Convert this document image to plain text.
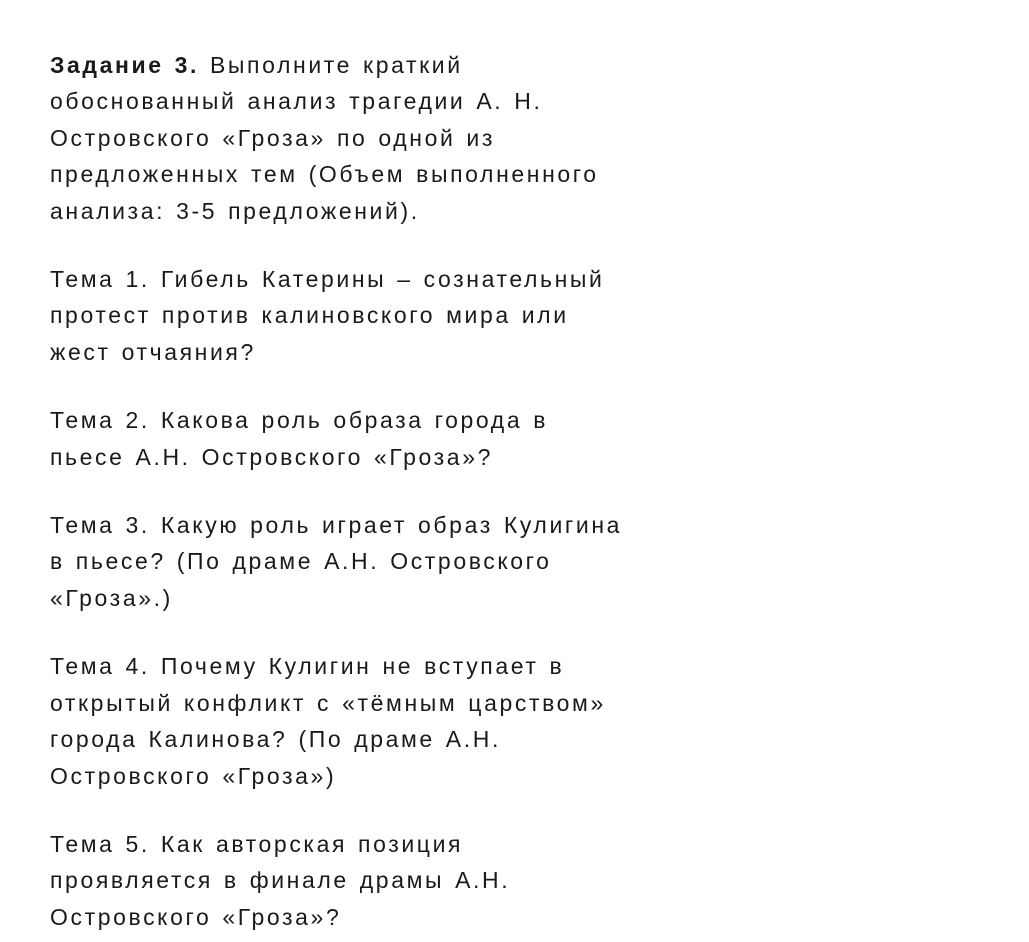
Задание 3. Выполните краткий
обоснованный анализ трагедии А. Н.
Островского «Гроза» по одной из
предложенных тем (Объем выполненного
анализа: 3-5 предложений).
Тема 1. Гибель Катерины – сознательный
протест против калиновского мира или
жест отчаяния?
Тема 2. Какова роль образа города в
пьесе А.Н. Островского «Гроза»?
Тема 3. Какую роль играет образ Кулигина
в пьесе? (По драме А.Н. Островского
«Гроза».)
Тема 4. Почему Кулигин не вступает в
открытый конфликт с «тёмным царством»
города Калинова? (По драме А.Н.
Островского «Гроза»)
Тема 5. Как авторская позиция
проявляется в финале драмы А.Н.
Островского «Гроза»?
